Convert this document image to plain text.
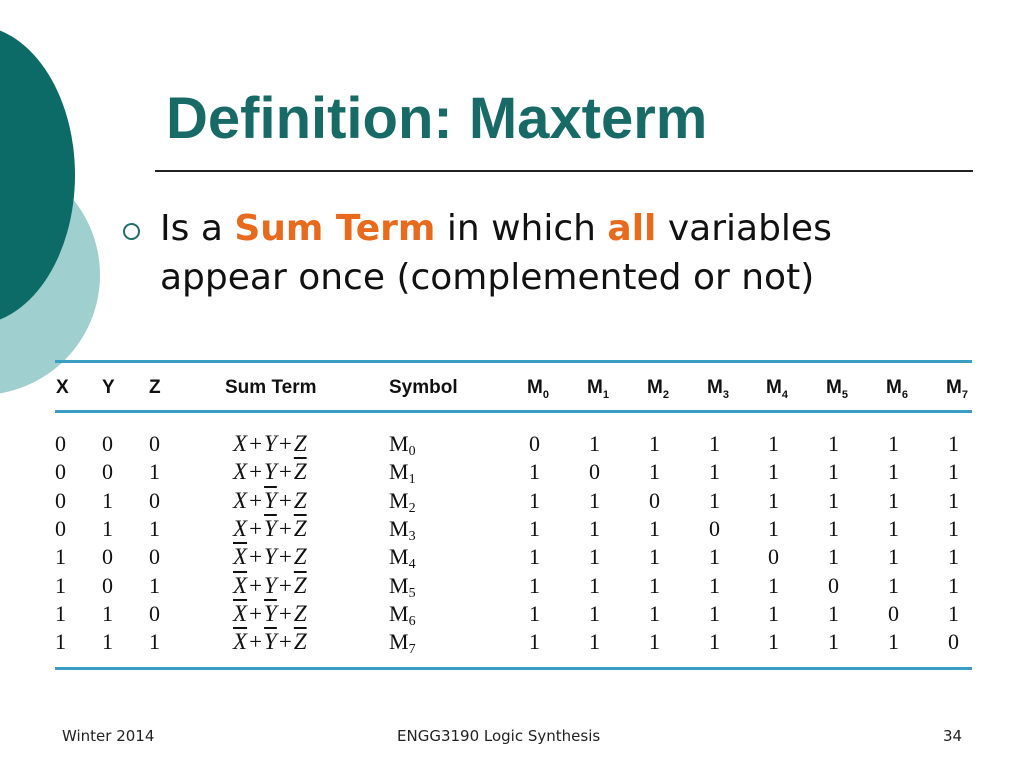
Definition: Maxterm
Is a Sum Term in which all variables appear once (complemented or not)
X Y Z	Sum Term	Symbol	$M_0$ $M_1$ $M_2$ $M_3$ $M_4$ $M_5$ $M_6$ $M_7$
0 0 0	X+Y+Z	$M_0$	0 1 1 1 1 1 1 1
0 0 1	$X+Y+\overline{Z}$	$M_1$	1 0 1 1 1 1 1 1
0 1 0	$X+\overline{Y}+Z$	$M_2$	1 1 0 1 1 1 1 1
0 1 1	$X+\overline{Y}+\overline{Z}$	$M_3$	1 1 1 0 1 1 1 1
1 0 0	$\overline{X}+Y+Z$	$M_4$	1 1 1 1 0 1 1 1
1 0 1	$\overline{X}+Y+\overline{Z}$	$M_5$	1 1 1 1 1 0 1 1
1 1 0	$\overline{X}+\overline{Y}+Z$	$M_6$	1 1 1 1 1 1 0 1
1 1 1	$\overline{X}+\overline{Y}+\overline{Z}$	$M_7$	1 1 1 1 1 1 1 0
Winter 2014	ENGG3190 Logic Synthesis	34
